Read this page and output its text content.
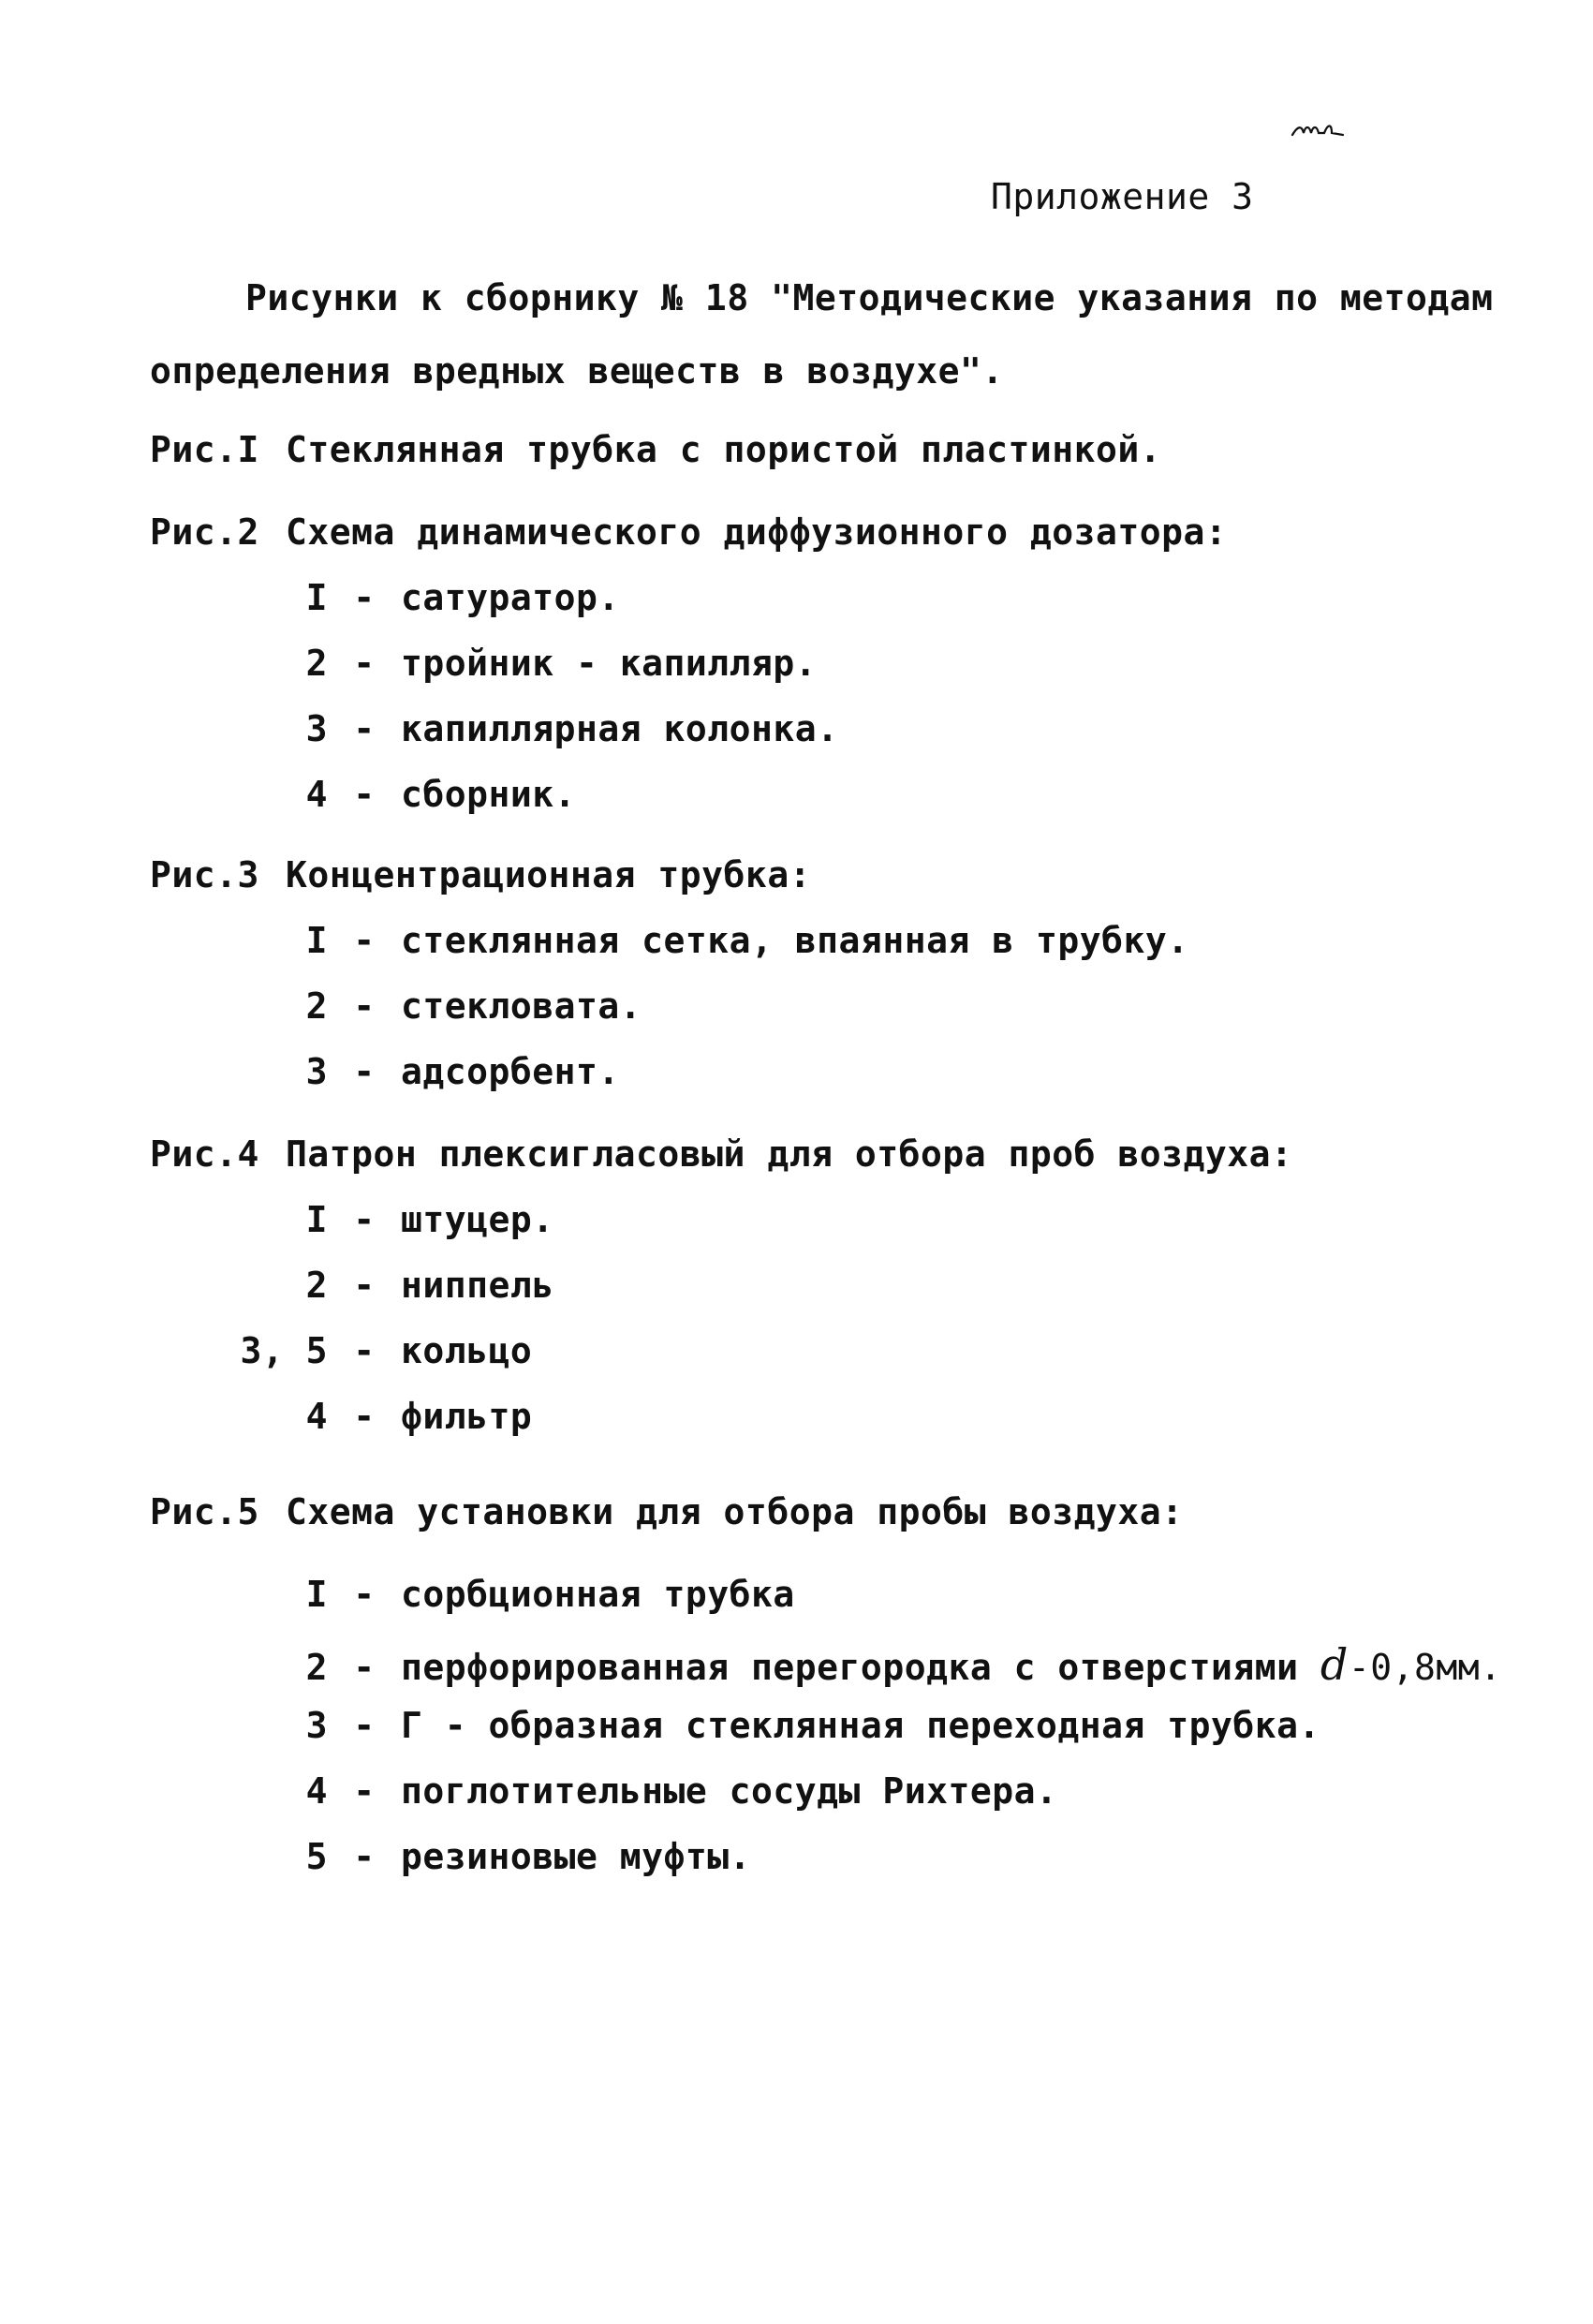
Приложение 3
Рисунки к сборнику № 18 "Методические указания по методам
определения вредных веществ в воздухе".
Рис.I Стеклянная трубка с пористой пластинкой.
Рис.2 Схема динамического диффузионного дозатора:
I - сатуратор.
2 - тройник - капилляр.
3 - капиллярная колонка.
4 - сборник.
Рис.3 Концентрационная трубка:
I - стеклянная сетка, впаянная в трубку.
2 - стекловата.
3 - адсорбент.
Рис.4 Патрон плексигласовый для отбора проб воздуха:
I - штуцер.
2 - ниппель
3, 5 - кольцо
4 - фильтр
Рис.5 Схема установки для отбора пробы воздуха:
I - сорбционная трубка
2 - перфорированная перегородка с отверстиями d-0,8мм.
3 - Г - образная стеклянная переходная трубка.
4 - поглотительные сосуды Рихтера.
5 - резиновые муфты.
